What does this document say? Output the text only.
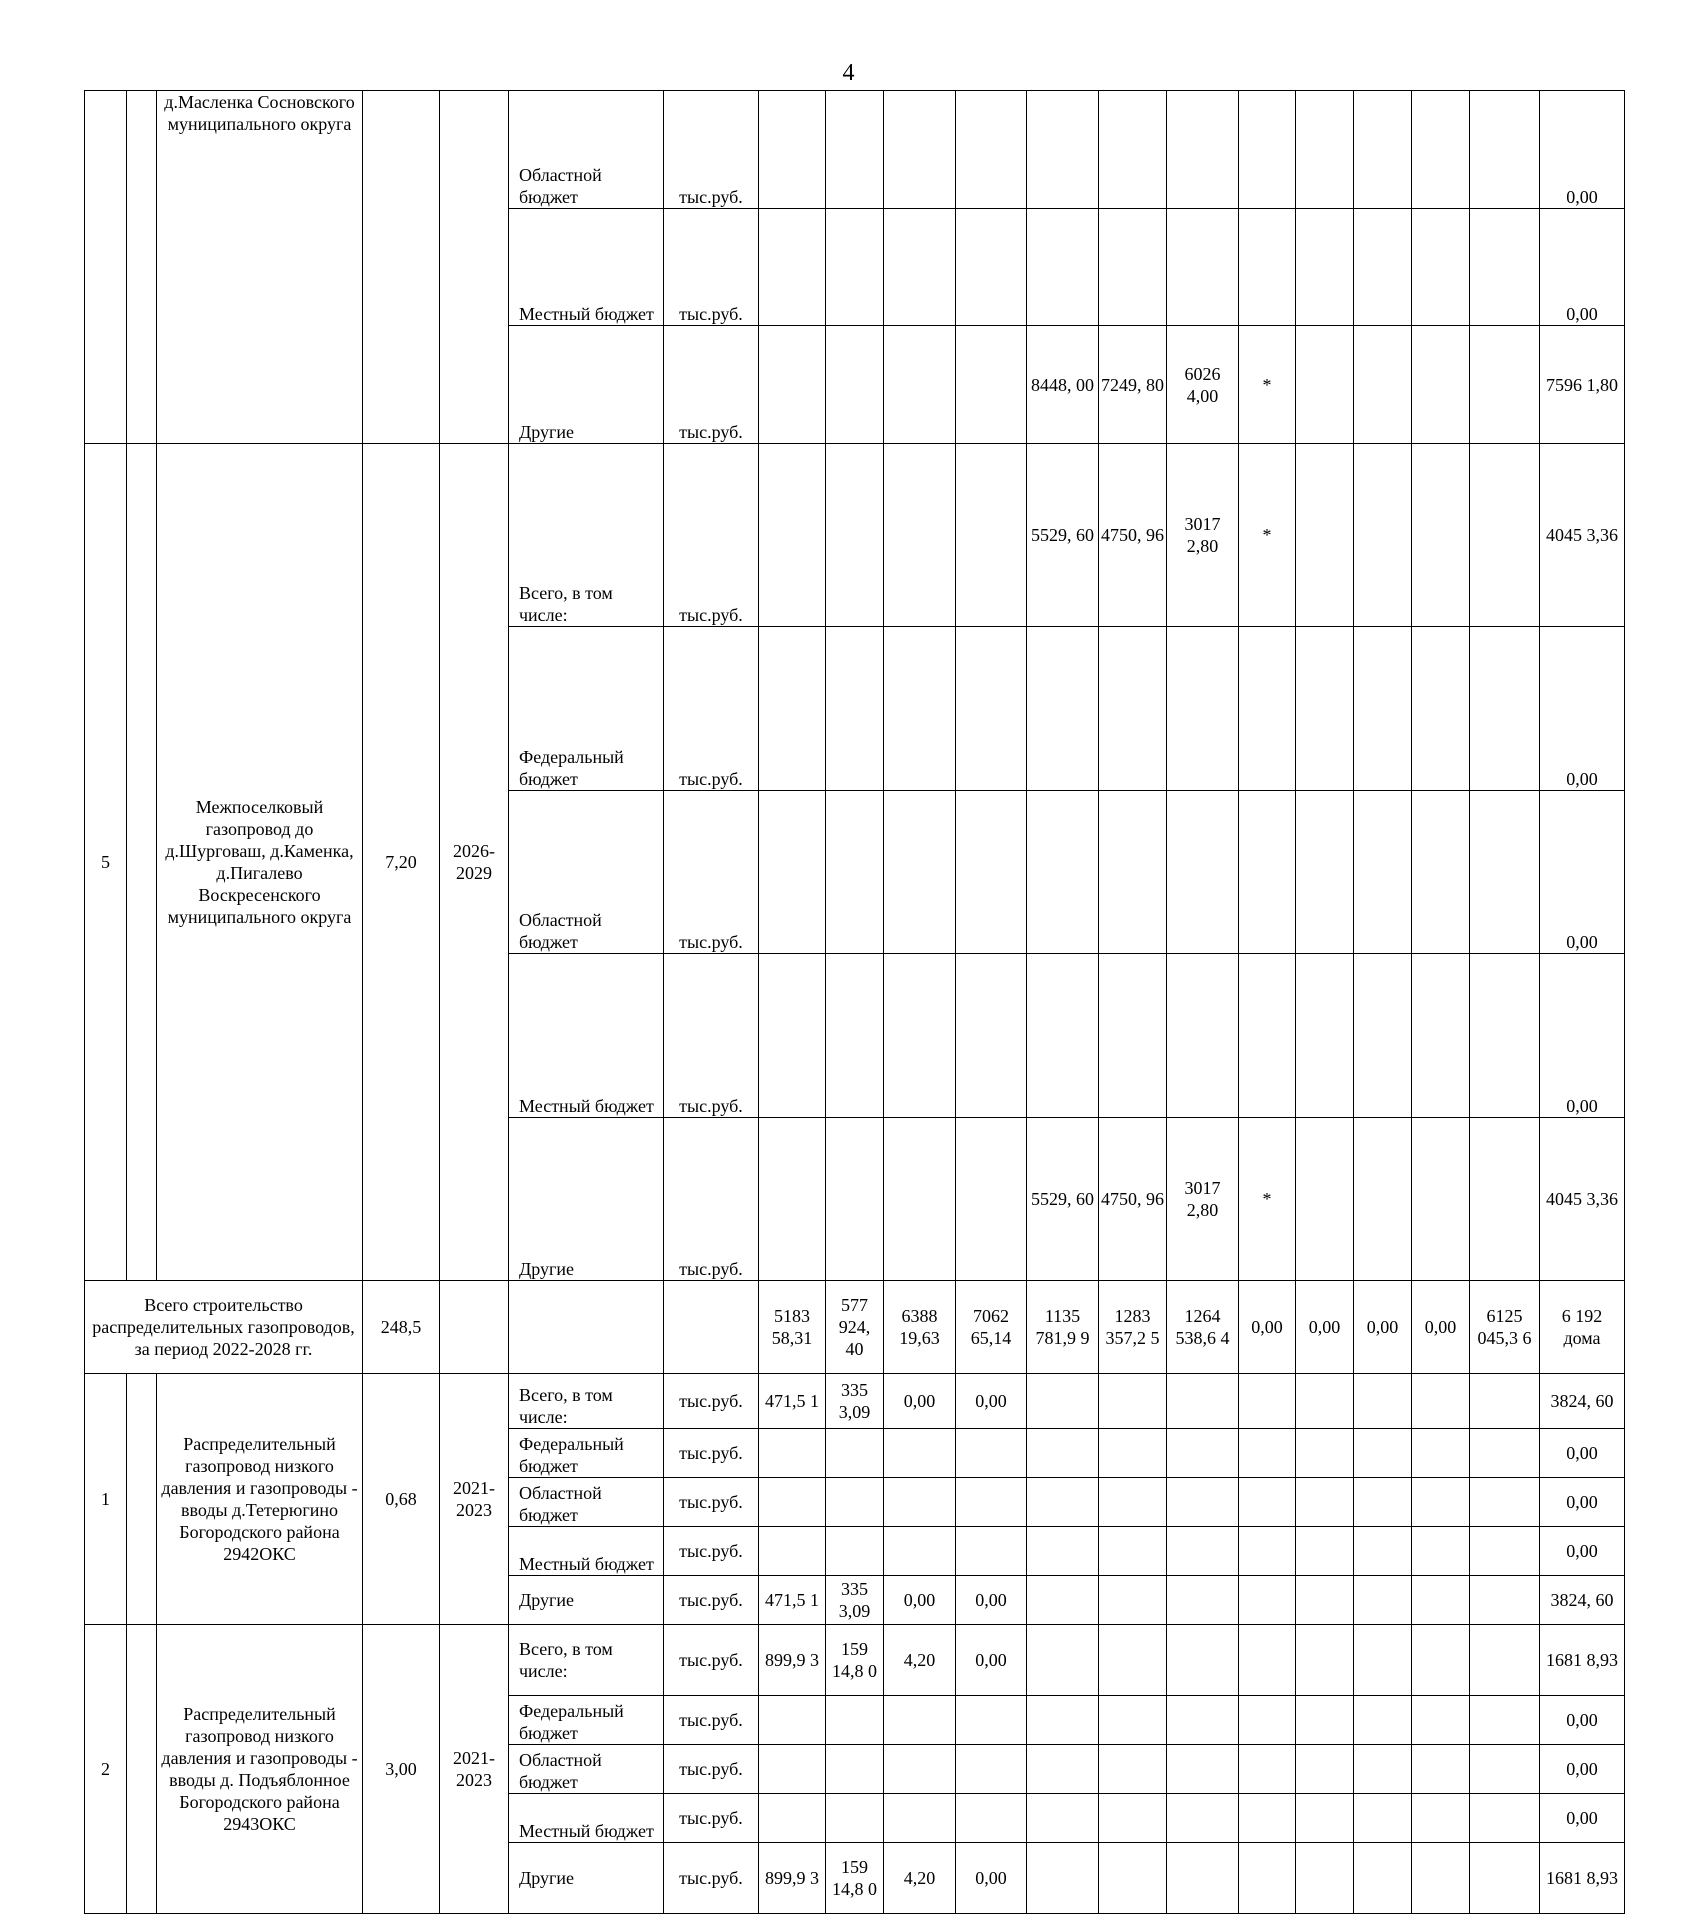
4
		д.Масленка Сосновского муниципального округа			Областной бюджет	тыс.руб.													0,00	
					Местный бюджет	тыс.руб.													0,00	
					Другие	тыс.руб.					8448, 00	7249, 80	6026 4,00	*					7596 1,80	
5		Межпоселковый газопровод до д.Шурговаш, д.Каменка, д.Пигалево Воскресенского муниципального округа	7,20	2026-2029	Всего, в том числе:	тыс.руб.					5529, 60	4750, 96	3017 2,80	*					4045 3,36	
					Федеральный бюджет	тыс.руб.													0,00	
					Областной бюджет	тыс.руб.													0,00	
					Местный бюджет	тыс.руб.													0,00	
					Другие	тыс.руб.					5529, 60	4750, 96	3017 2,80	*					4045 3,36	
Всего строительство распределительных газопроводов, за период 2022-2028 гг.			248,5				5183 58,31	577 924, 40	6388 19,63	7062 65,14	1135 781,9 9	1283 357,2 5	1264 538,6 4	0,00	0,00	0,00	0,00	6125 045,3 6	6 192 дома	
1		Распределительный газопровод низкого давления и газопроводы - вводы д.Тетерюгино Богородского района 2942ОКС	0,68	2021-2023	Всего, в том числе:	тыс.руб.	471,5 1	335 3,09	0,00	0,00									3824, 60	
					Федеральный бюджет	тыс.руб.													0,00	
					Областной бюджет	тыс.руб.													0,00	
					Местный бюджет	тыс.руб.													0,00	
					Другие	тыс.руб.	471,5 1	335 3,09	0,00	0,00									3824, 60	
2		Распределительный газопровод низкого давления и газопроводы - вводы д. Подъяблонное Богородского района 2943ОКС	3,00	2021-2023	Всего, в том числе:	тыс.руб.	899,9 3	159 14,8 0	4,20	0,00									1681 8,93	
					Федеральный бюджет	тыс.руб.													0,00	
					Областной бюджет	тыс.руб.													0,00	
					Местный бюджет	тыс.руб.													0,00	
					Другие	тыс.руб.	899,9 3	159 14,8 0	4,20	0,00									1681 8,93	
